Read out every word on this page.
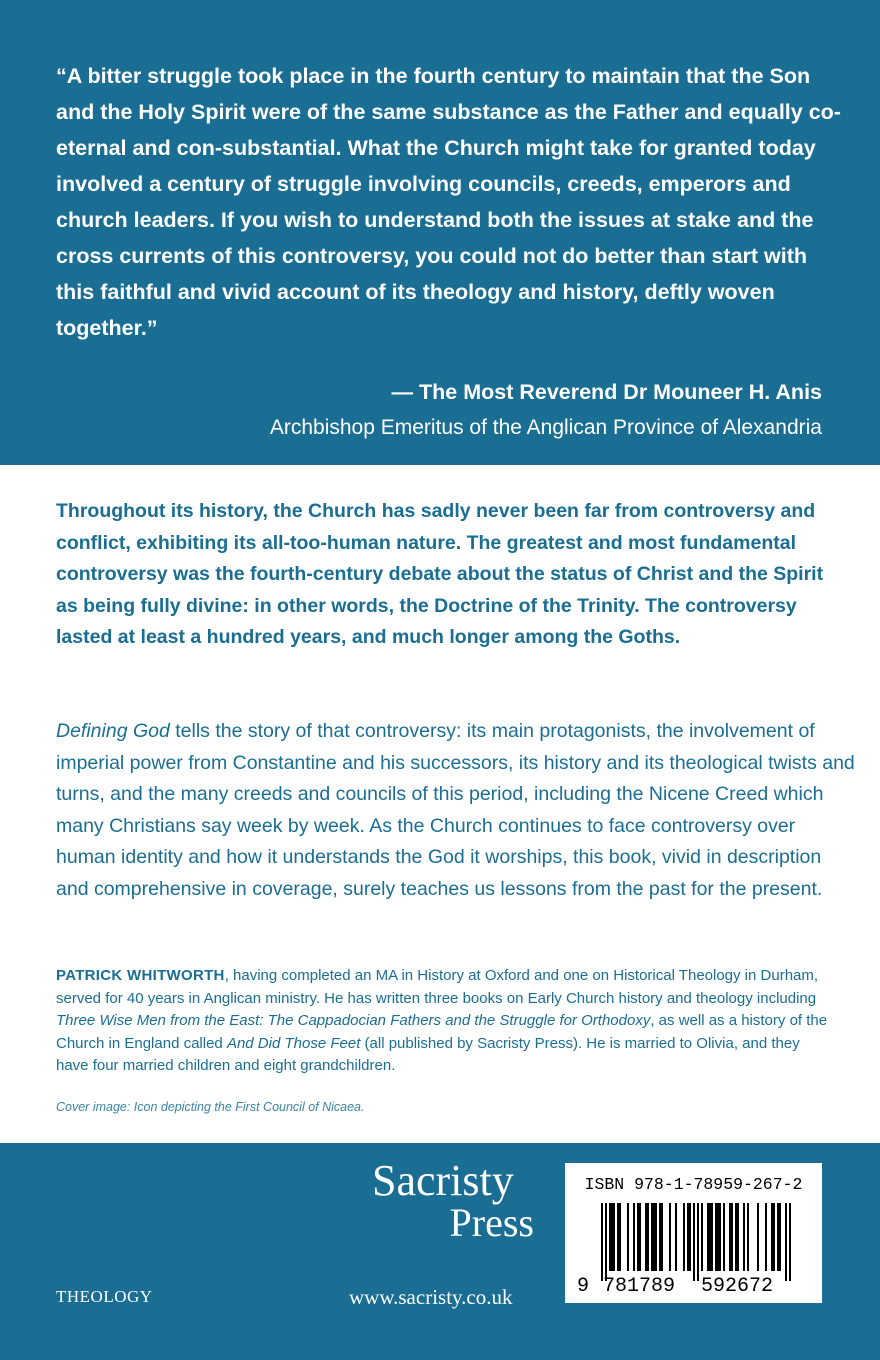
“A bitter struggle took place in the fourth century to maintain that the Son and the Holy Spirit were of the same substance as the Father and equally co-eternal and con-substantial. What the Church might take for granted today involved a century of struggle involving councils, creeds, emperors and church leaders. If you wish to understand both the issues at stake and the cross currents of this controversy, you could not do better than start with this faithful and vivid account of its theology and history, deftly woven together.”

— The Most Reverend Dr Mouneer H. Anis

Archbishop Emeritus of the Anglican Province of Alexandria

Throughout its history, the Church has sadly never been far from controversy and conflict, exhibiting its all-too-human nature. The greatest and most fundamental controversy was the fourth-century debate about the status of Christ and the Spirit as being fully divine: in other words, the Doctrine of the Trinity. The controversy lasted at least a hundred years, and much longer among the Goths.

Defining God tells the story of that controversy: its main protagonists, the involvement of imperial power from Constantine and his successors, its history and its theological twists and turns, and the many creeds and councils of this period, including the Nicene Creed which many Christians say week by week. As the Church continues to face controversy over human identity and how it understands the God it worships, this book, vivid in description and comprehensive in coverage, surely teaches us lessons from the past for the present.

PATRICK WHITWORTH, having completed an MA in History at Oxford and one on Historical Theology in Durham, served for 40 years in Anglican ministry. He has written three books on Early Church history and theology including Three Wise Men from the East: The Cappadocian Fathers and the Struggle for Orthodoxy, as well as a history of the Church in England called And Did Those Feet (all published by Sacristy Press). He is married to Olivia, and they have four married children and eight grandchildren.

Cover image: Icon depicting the First Council of Nicaea.

Sacristy
Press

THEOLOGY	www.sacristy.co.uk

ISBN 978-1-78959-267-2

9 781789 592672
